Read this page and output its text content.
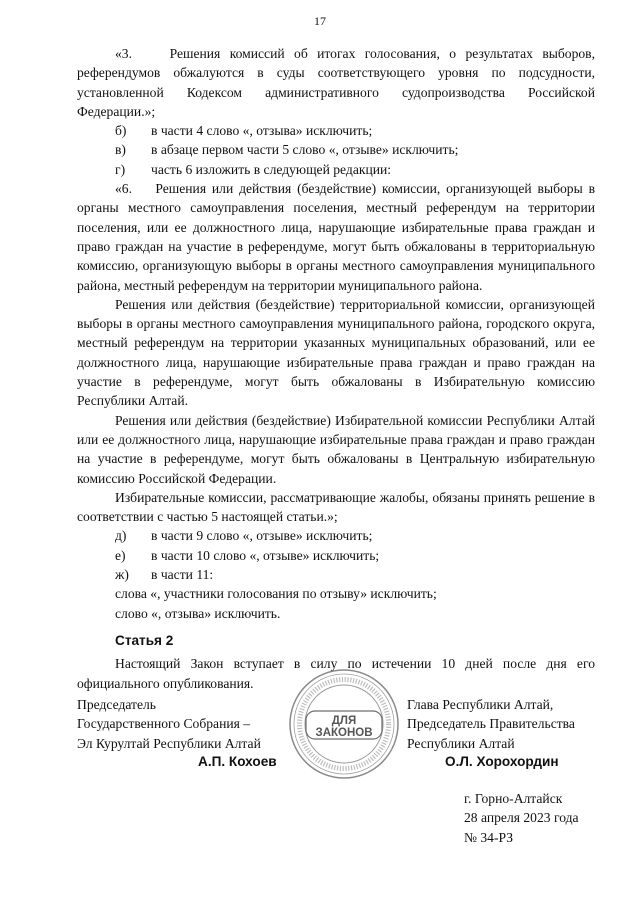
17

«3.    Решения комиссий об итогах голосования, о результатах выборов, референдумов обжалуются в суды соответствующего уровня по подсудности, установленной Кодексом административного судопроизводства Российской Федерации.»;

б)	в части 4 слово «, отзыва» исключить;

в)	в абзаце первом части 5 слово «, отзыве» исключить;

г)	часть 6 изложить в следующей редакции:

«6.    Решения или действия (бездействие) комиссии, организующей выборы в органы местного самоуправления поселения, местный референдум на территории поселения, или ее должностного лица, нарушающие избирательные права граждан и право граждан на участие в референдуме, могут быть обжалованы в территориальную комиссию, организующую выборы в органы местного самоуправления муниципального района, местный референдум на территории муниципального района.

Решения или действия (бездействие) территориальной комиссии, организующей выборы в органы местного самоуправления муниципального района, городского округа, местный референдум на территории указанных муниципальных образований, или ее должностного лица, нарушающие избирательные права граждан и право граждан на участие в референдуме, могут быть обжалованы в Избирательную комиссию Республики Алтай.

Решения или действия (бездействие) Избирательной комиссии Республики Алтай или ее должностного лица, нарушающие избирательные права граждан и право граждан на участие в референдуме, могут быть обжалованы в Центральную избирательную комиссию Российской Федерации.

Избирательные комиссии, рассматривающие жалобы, обязаны принять решение в соответствии с частью 5 настоящей статьи.»;

д)	в части 9 слово «, отзыве» исключить;

е)	в части 10 слово «, отзыве» исключить;

ж)	в части 11:

слова «, участники голосования по отзыву» исключить;

слово «, отзыва» исключить.

Статья 2

Настоящий Закон вступает в силу по истечении 10 дней после дня его официального опубликования.

Председатель
Государственного Собрания –
Эл Курултай Республики Алтай
А.П. Кохоев
Глава Республики Алтай,
Председатель Правительства
Республики Алтай
О.Л. Хорохордин
ДЛЯ
ЗАКОНОВ
г. Горно-Алтайск
28 апреля 2023 года
№ 34-РЗ
